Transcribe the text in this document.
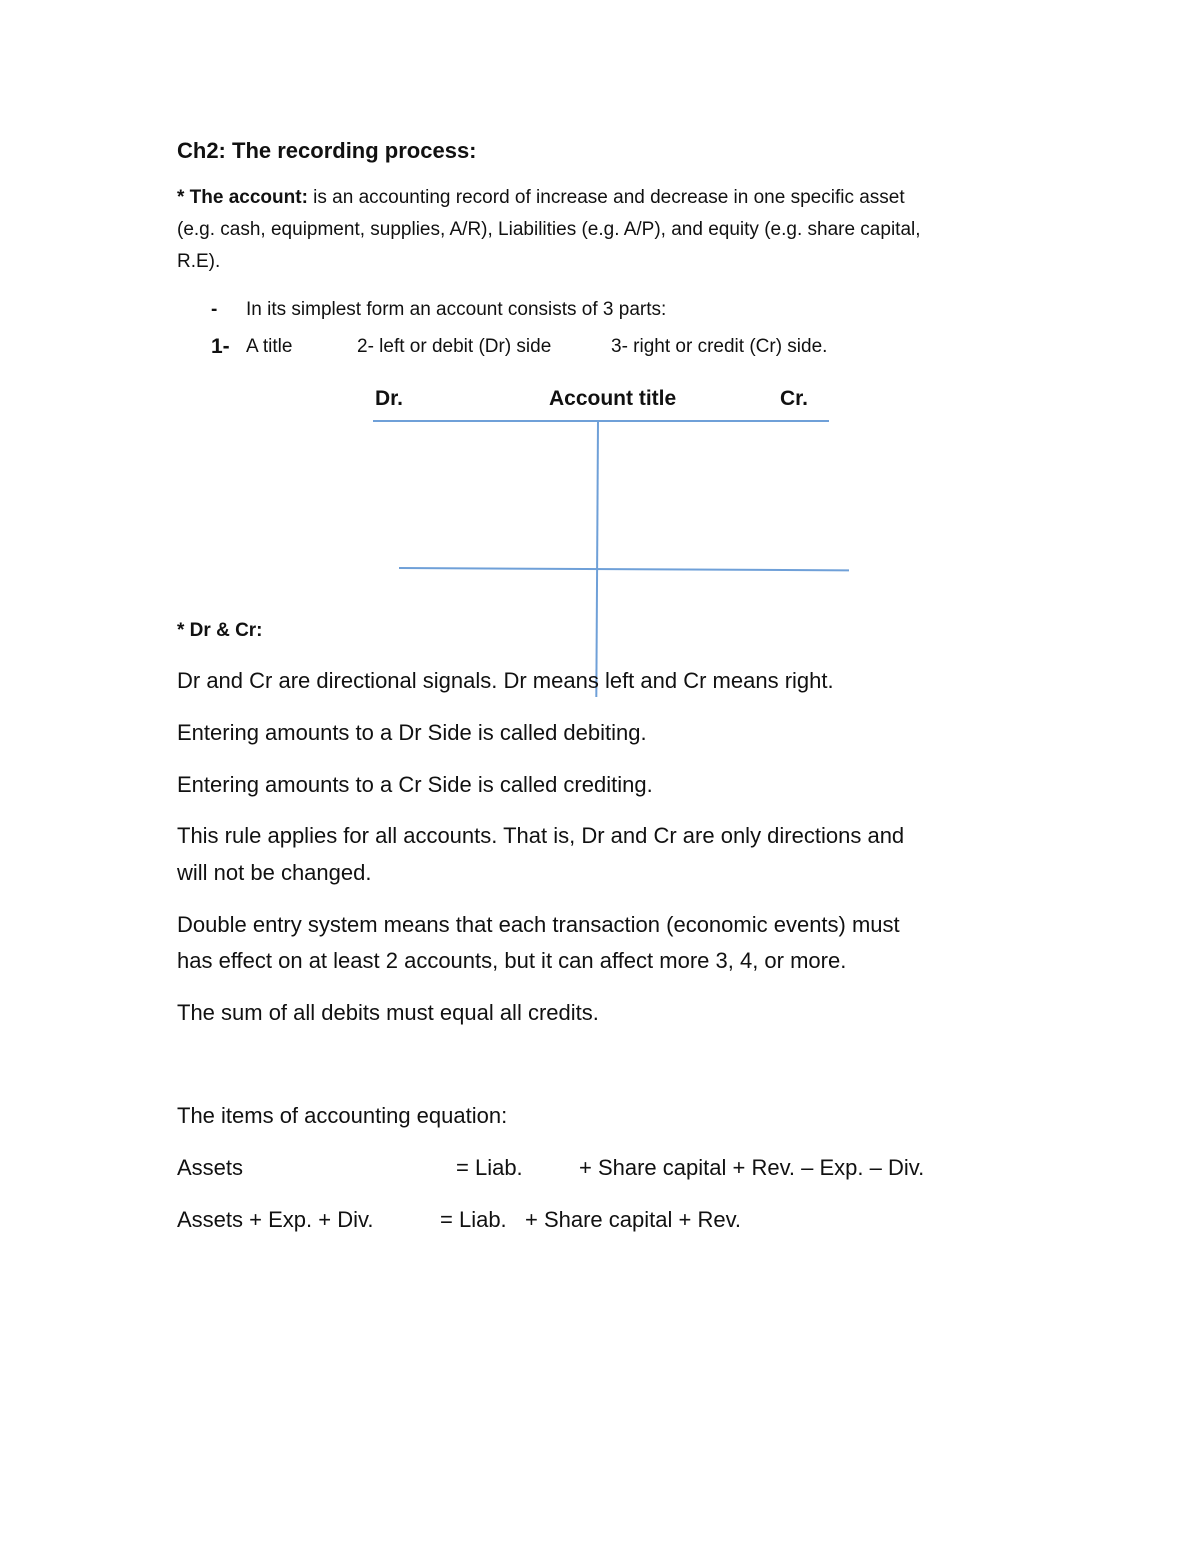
Ch2: The recording process:
* The account: is an accounting record of increase and decrease in one specific asset
(e.g. cash, equipment, supplies, A/R), Liabilities (e.g. A/P), and equity (e.g. share capital,
R.E).
- In its simplest form an account consists of 3 parts:
1- A title	2- left or debit (Dr) side	3- right or credit (Cr) side.
Dr.	Account title	Cr.
* Dr & Cr:
Dr and Cr are directional signals. Dr means left and Cr means right.
Entering amounts to a Dr Side is called debiting.
Entering amounts to a Cr Side is called crediting.
This rule applies for all accounts. That is, Dr and Cr are only directions and
will not be changed.
Double entry system means that each transaction (economic events) must
has effect on at least 2 accounts, but it can affect more 3, 4, or more.
The sum of all debits must equal all credits.
The items of accounting equation:
Assets	= Liab.	+ Share capital + Rev. – Exp. – Div.
Assets + Exp. + Div.	= Liab. + Share capital + Rev.
